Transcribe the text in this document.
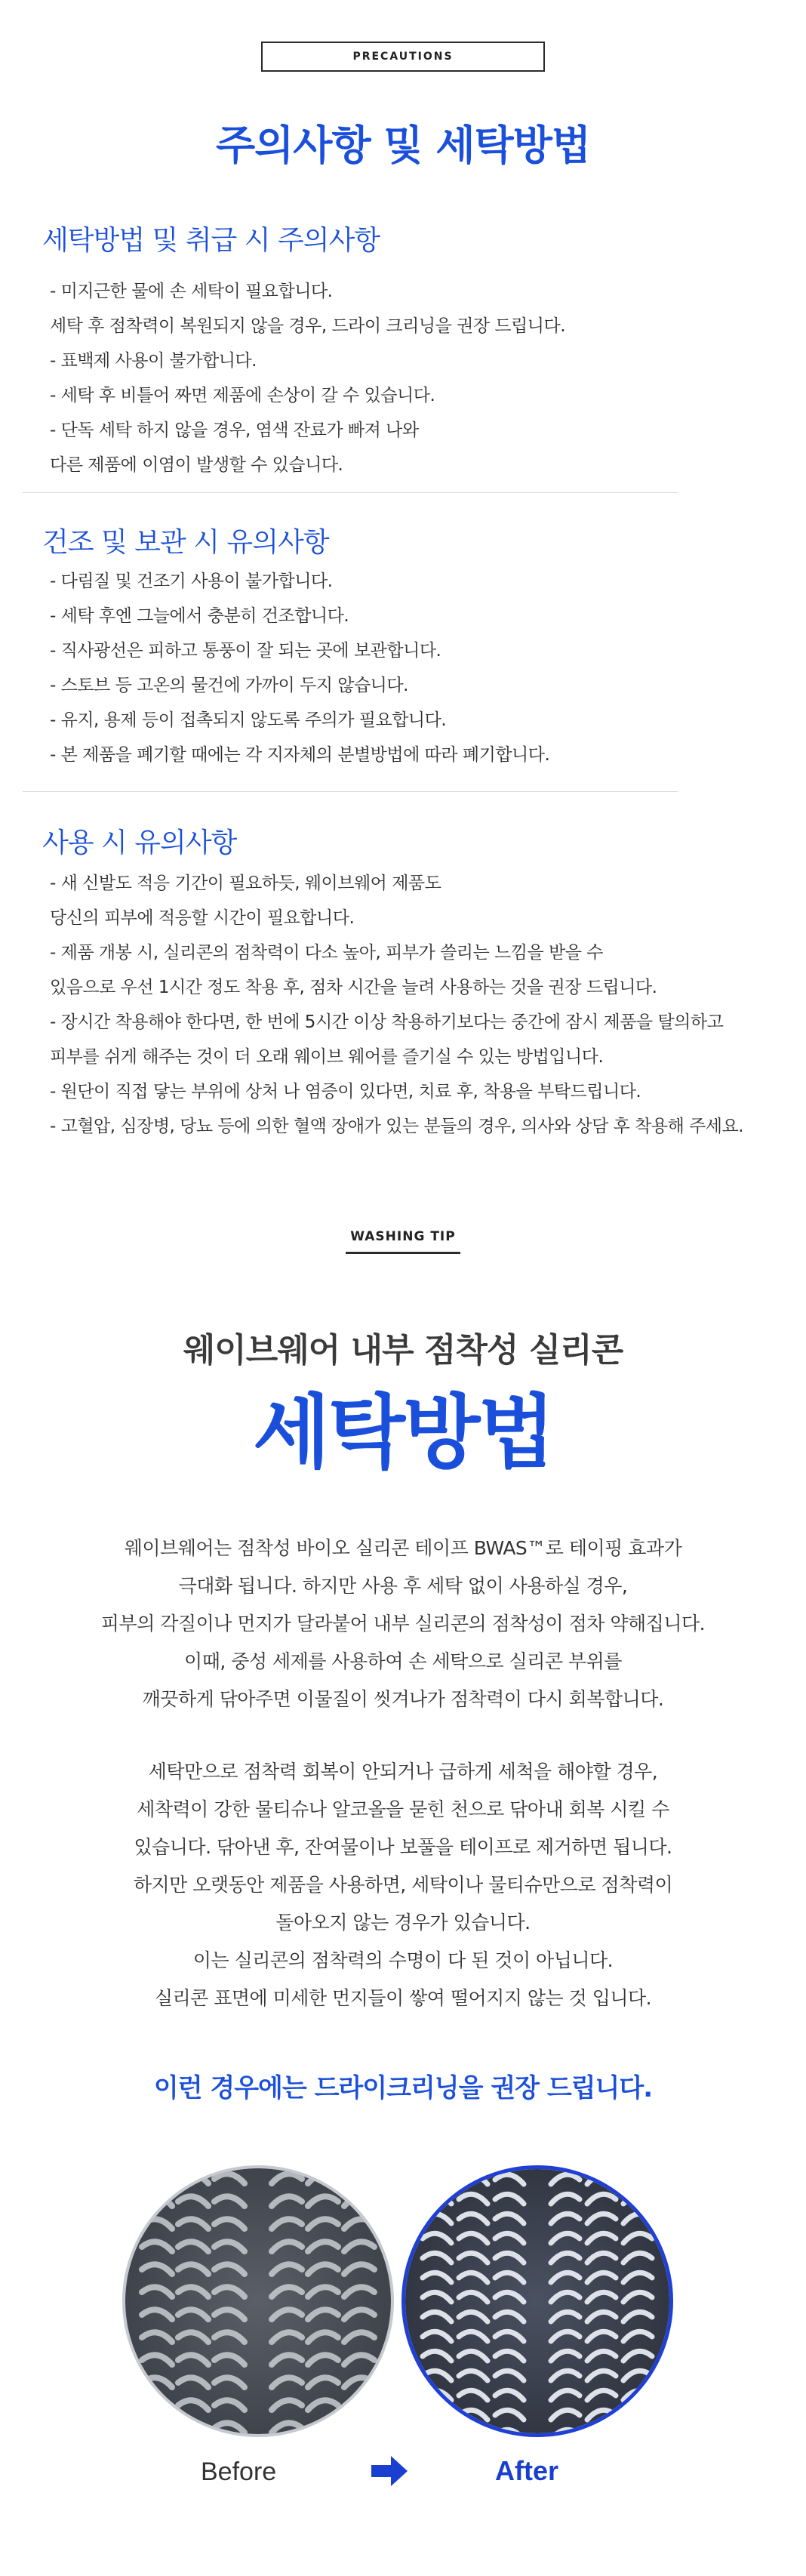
PRECAUTIONS
주의사항 및 세탁방법
세탁방법 및 취급 시 주의사항
- 미지근한 물에 손 세탁이 필요합니다.
세탁 후 점착력이 복원되지 않을 경우, 드라이 크리닝을 권장 드립니다.
- 표백제 사용이 불가합니다.
- 세탁 후 비틀어 짜면 제품에 손상이 갈 수 있습니다.
- 단독 세탁 하지 않을 경우, 염색 잔료가 빠져 나와
다른 제품에 이염이 발생할 수 있습니다.
건조 및 보관 시 유의사항
- 다림질 및 건조기 사용이 불가합니다.
- 세탁 후엔 그늘에서 충분히 건조합니다.
- 직사광선은 피하고 통풍이 잘 되는 곳에 보관합니다.
- 스토브 등 고온의 물건에 가까이 두지 않습니다.
- 유지, 용제 등이 접촉되지 않도록 주의가 필요합니다.
- 본 제품을 폐기할 때에는 각 지자체의 분별방법에 따라 폐기합니다.
사용 시 유의사항
- 새 신발도 적응 기간이 필요하듯, 웨이브웨어 제품도
당신의 피부에 적응할 시간이 필요합니다.
- 제품 개봉 시, 실리콘의 점착력이 다소 높아, 피부가 쓸리는 느낌을 받을 수
있음으로 우선 1시간 정도 착용 후, 점차 시간을 늘려 사용하는 것을 권장 드립니다.
- 장시간 착용해야 한다면, 한 번에 5시간 이상 착용하기보다는 중간에 잠시 제품을 탈의하고
피부를 쉬게 해주는 것이 더 오래 웨이브 웨어를 즐기실 수 있는 방법입니다.
- 원단이 직접 닿는 부위에 상처 나 염증이 있다면, 치료 후, 착용을 부탁드립니다.
- 고혈압, 심장병, 당뇨 등에 의한 혈액 장애가 있는 분들의 경우, 의사와 상담 후 착용해 주세요.
WASHING TIP
웨이브웨어 내부 점착성 실리콘
세탁방법
웨이브웨어는 점착성 바이오 실리콘 테이프 BWAS™로 테이핑 효과가
극대화 됩니다. 하지만 사용 후 세탁 없이 사용하실 경우,
피부의 각질이나 먼지가 달라붙어 내부 실리콘의 점착성이 점차 약해집니다.
이때, 중성 세제를 사용하여 손 세탁으로 실리콘 부위를
깨끗하게 닦아주면 이물질이 씻겨나가 점착력이 다시 회복합니다.
세탁만으로 점착력 회복이 안되거나 급하게 세척을 해야할 경우,
세착력이 강한 물티슈나 알코올을 묻힌 천으로 닦아내 회복 시킬 수
있습니다. 닦아낸 후, 잔여물이나 보풀을 테이프로 제거하면 됩니다.
하지만 오랫동안 제품을 사용하면, 세탁이나 물티슈만으로 점착력이
돌아오지 않는 경우가 있습니다.
이는 실리콘의 점착력의 수명이 다 된 것이 아닙니다.
실리콘 표면에 미세한 먼지들이 쌓여 떨어지지 않는 것 입니다.
이런 경우에는 드라이크리닝을 권장 드립니다.
Before	After
